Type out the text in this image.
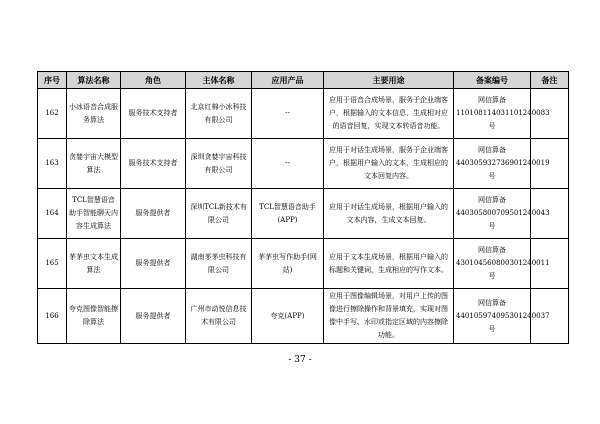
序号	算法名称	角色	主体名称	应用产品	主要用途	备案编号	备注
162	小冰语音合成服务算法	服务技术支持者	北京红棉小冰科技有限公司	--	应用于语音合成场景，服务于企业端客户，根据输入的文本信息，生成相对应的语音回复，实现文本转语音功能。	网信算备110108114031101240083号	
163	贪婪宇宙大模型算法	服务技术支持者	深圳贪婪宇宙科技有限公司	--	应用于对话生成场景，服务于企业端客户，根据用户输入的文本，生成相应的文本回复内容。	网信算备440305932736901240019号	
164	TCL智慧语音助手智能聊天内容生成算法	服务提供者	深圳TCL新技术有限公司	TCL智慧语音助手(APP)	应用于对话生成场景，根据用户输入的文本内容，生成文本回复。	网信算备440305800709501240043号	
165	茅茅虫文本生成算法	服务提供者	湖南茅茅虫科技有限公司	茅茅虫写作助手(网站)	应用于文本生成场景，根据用户输入的标题和关键词，生成相应的写作文本。	网信算备430104560800301240011号	
166	夸克图像智能擦除算法	服务提供者	广州市动悦信息技术有限公司	夸克(APP)	应用于图像编辑场景，对用户上传的图像进行擦除操作和背景填充，实现对图像中手写、水印或指定区域的内容擦除功能。	网信算备440105974095301240037号	
- 37 -
